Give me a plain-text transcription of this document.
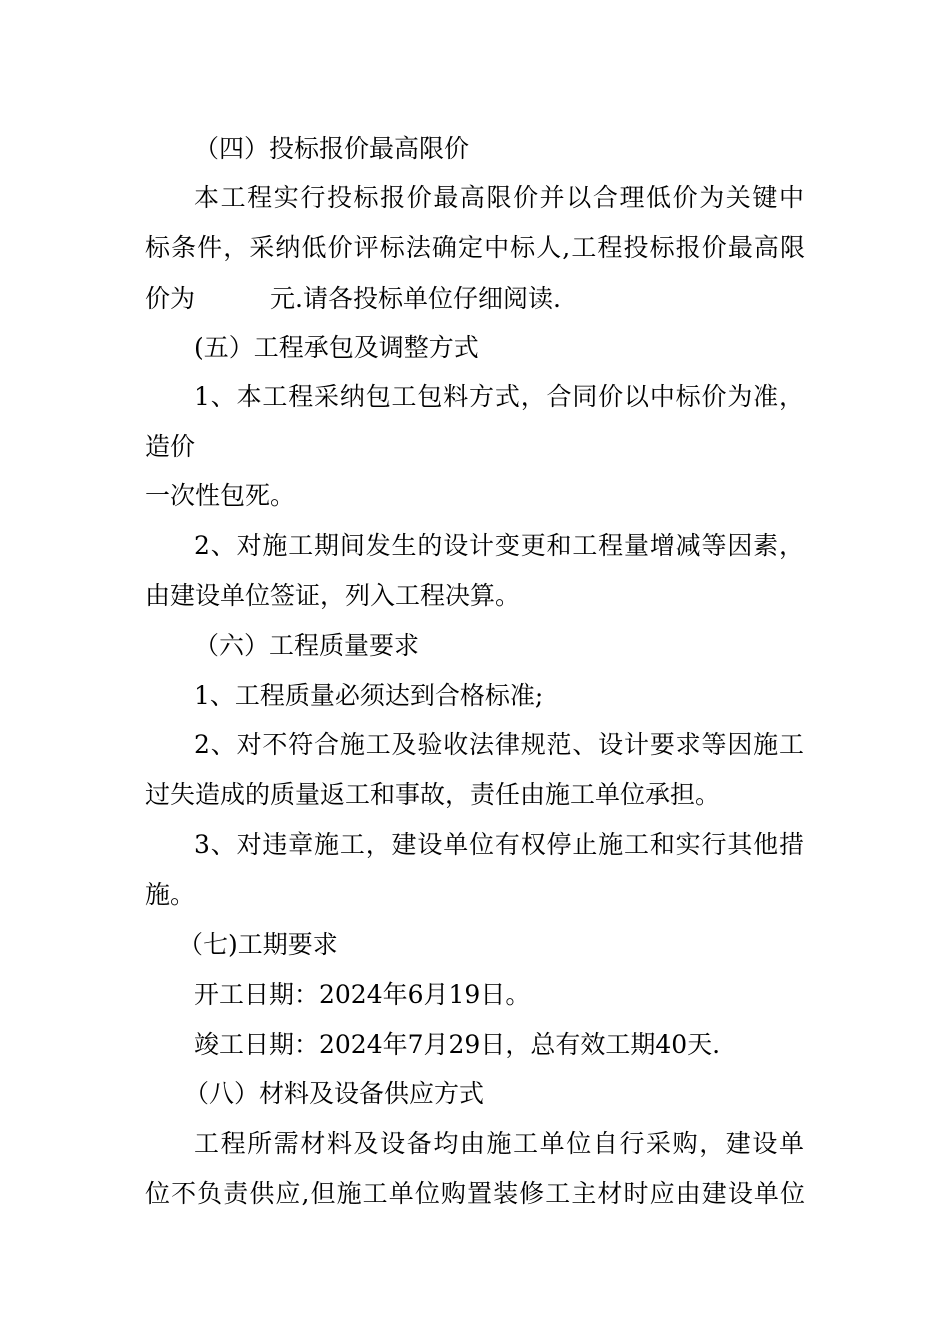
（四）投标报价最高限价
本工程实行投标报价最高限价并以合理低价为关键中
标条件，采纳低价评标法确定中标人,工程投标报价最高限
价为　　　元.请各投标单位仔细阅读.
(五）工程承包及调整方式
1、本工程采纳包工包料方式，合同价以中标价为准，
造价
一次性包死。
2、对施工期间发生的设计变更和工程量增减等因素，
由建设单位签证，列入工程决算。
（六）工程质量要求
1、工程质量必须达到合格标准;
2、对不符合施工及验收法律规范、设计要求等因施工
过失造成的质量返工和事故，责任由施工单位承担。
3、对违章施工，建设单位有权停止施工和实行其他措
施。
（七)工期要求
开工日期：2024年6月19日。
竣工日期：2024年7月29日，总有效工期40天.
（八）材料及设备供应方式
工程所需材料及设备均由施工单位自行采购，建设单
位不负责供应,但施工单位购置装修工主材时应由建设单位
